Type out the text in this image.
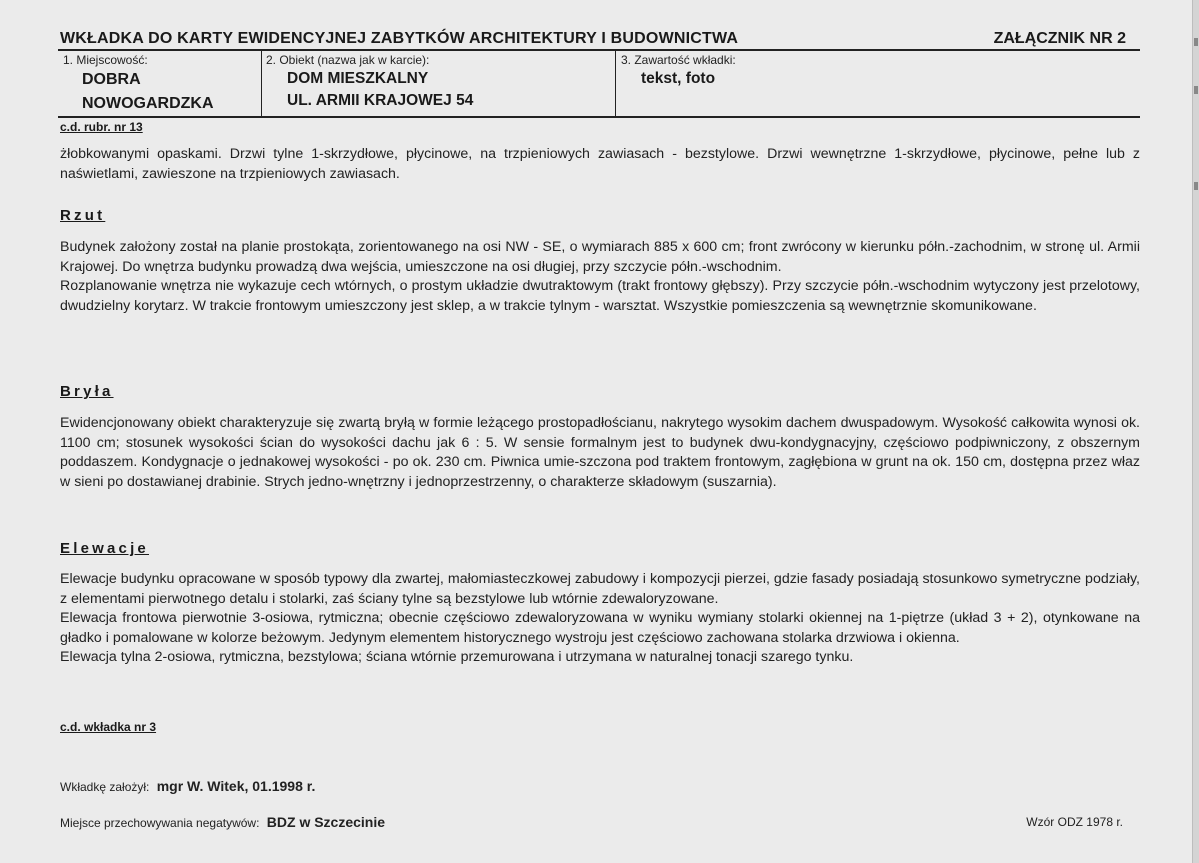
WKŁADKA DO KARTY EWIDENCYJNEJ ZABYTKÓW ARCHITEKTURY I BUDOWNICTWA	ZAŁĄCZNIK NR 2
1. Miejscowość:
DOBRA
NOWOGARDZKA
2. Obiekt (nazwa jak w karcie):
DOM MIESZKALNY
UL. ARMII KRAJOWEJ 54
3. Zawartość wkładki:
tekst, foto
c.d. rubr. nr 13

żłobkowanymi opaskami. Drzwi tylne 1-skrzydłowe, płycinowe, na trzpieniowych zawiasach - bezstylowe. Drzwi wewnętrzne 1-skrzydłowe, płycinowe, pełne lub z naświetlami, zawieszone na trzpieniowych zawiasach.

Rzut

Budynek założony został na planie prostokąta, zorientowanego na osi NW - SE, o wymiarach 885 x 600 cm; front zwrócony w kierunku półn.-zachodnim, w stronę ul. Armii Krajowej. Do wnętrza budynku prowadzą dwa wejścia, umieszczone na osi długiej, przy szczycie półn.-wschodnim.

Rozplanowanie wnętrza nie wykazuje cech wtórnych, o prostym układzie dwutraktowym (trakt frontowy głębszy). Przy szczycie półn.-wschodnim wytyczony jest przelotowy, dwudzielny korytarz. W trakcie frontowym umieszczony jest sklep, a w trakcie tylnym - warsztat. Wszystkie pomieszczenia są wewnętrznie skomunikowane.

Bryła

Ewidencjonowany obiekt charakteryzuje się zwartą bryłą w formie leżącego prostopadłościanu, nakrytego wysokim dachem dwuspadowym. Wysokość całkowita wynosi ok. 1100 cm; stosunek wysokości ścian do wysokości dachu jak 6 : 5. W sensie formalnym jest to budynek dwu-kondygnacyjny, częściowo podpiwniczony, z obszernym poddaszem. Kondygnacje o jednakowej wysokości - po ok. 230 cm. Piwnica umie-szczona pod traktem frontowym, zagłębiona w grunt na ok. 150 cm, dostępna przez właz w sieni po dostawianej drabinie. Strych jedno-wnętrzny i jednoprzestrzenny, o charakterze składowym (suszarnia).

Elewacje

Elewacje budynku opracowane w sposób typowy dla zwartej, małomiasteczkowej zabudowy i kompozycji pierzei, gdzie fasady posiadają stosunkowo symetryczne podziały, z elementami pierwotnego detalu i stolarki, zaś ściany tylne są bezstylowe lub wtórnie zdewaloryzowane.

Elewacja frontowa pierwotnie 3-osiowa, rytmiczna; obecnie częściowo zdewaloryzowana w wyniku wymiany stolarki okiennej na 1-piętrze (układ 3 + 2), otynkowane na gładko i pomalowane w kolorze beżowym. Jedynym elementem historycznego wystroju jest częściowo zachowana stolarka drzwiowa i okienna.

Elewacja tylna 2-osiowa, rytmiczna, bezstylowa; ściana wtórnie przemurowana i utrzymana w naturalnej tonacji szarego tynku.

c.d. wkładka nr 3
Wkładkę założył: mgr W. Witek, 01.1998 r.
Miejsce przechowywania negatywów: BDZ w Szczecinie	Wzór ODZ 1978 r.
